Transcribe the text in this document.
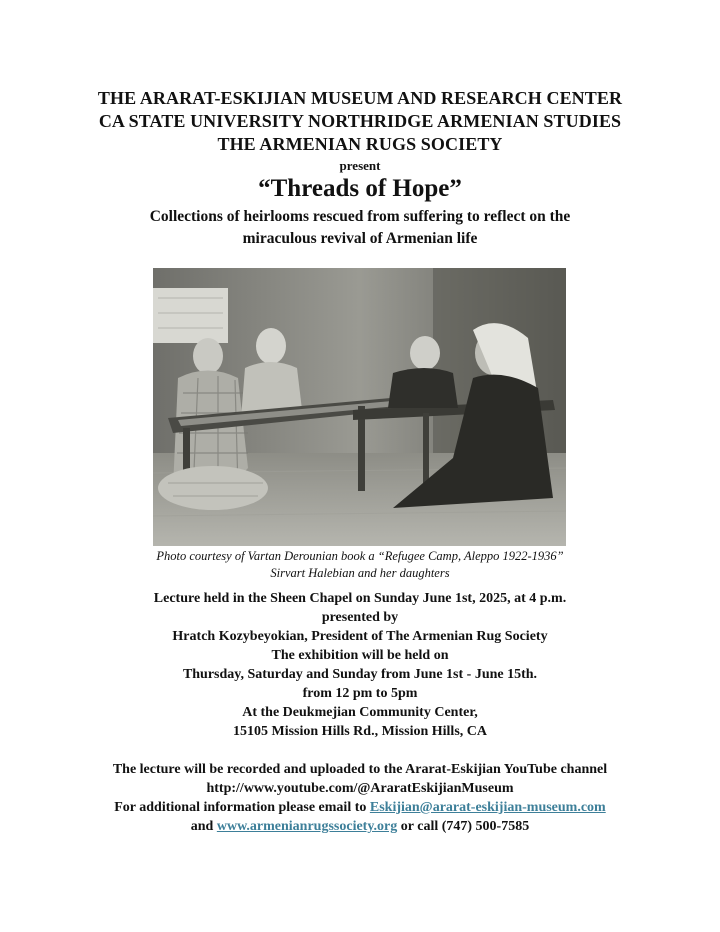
THE ARARAT-ESKIJIAN MUSEUM AND RESEARCH CENTER
CA STATE UNIVERSITY NORTHRIDGE ARMENIAN STUDIES
THE ARMENIAN RUGS SOCIETY
present
“Threads of Hope”
Collections of heirlooms rescued from suffering to reflect on the
miraculous revival of Armenian life
Photo courtesy of Vartan Derounian book a “Refugee Camp, Aleppo 1922-1936”
Sirvart Halebian and her daughters
Lecture held in the Sheen Chapel on Sunday June 1st, 2025, at 4 p.m.
presented by
Hratch Kozybeyokian, President of The Armenian Rug Society
The exhibition will be held on
Thursday, Saturday and Sunday from June 1st - June 15th.
from 12 pm to 5pm
At the Deukmejian Community Center,
15105 Mission Hills Rd., Mission Hills, CA
The lecture will be recorded and uploaded to the Ararat-Eskijian YouTube channel
http://www.youtube.com/@AraratEskijianMuseum
For additional information please email to Eskijian@ararat-eskijian-museum.com
and www.armenianrugssociety.org or call (747) 500-7585
